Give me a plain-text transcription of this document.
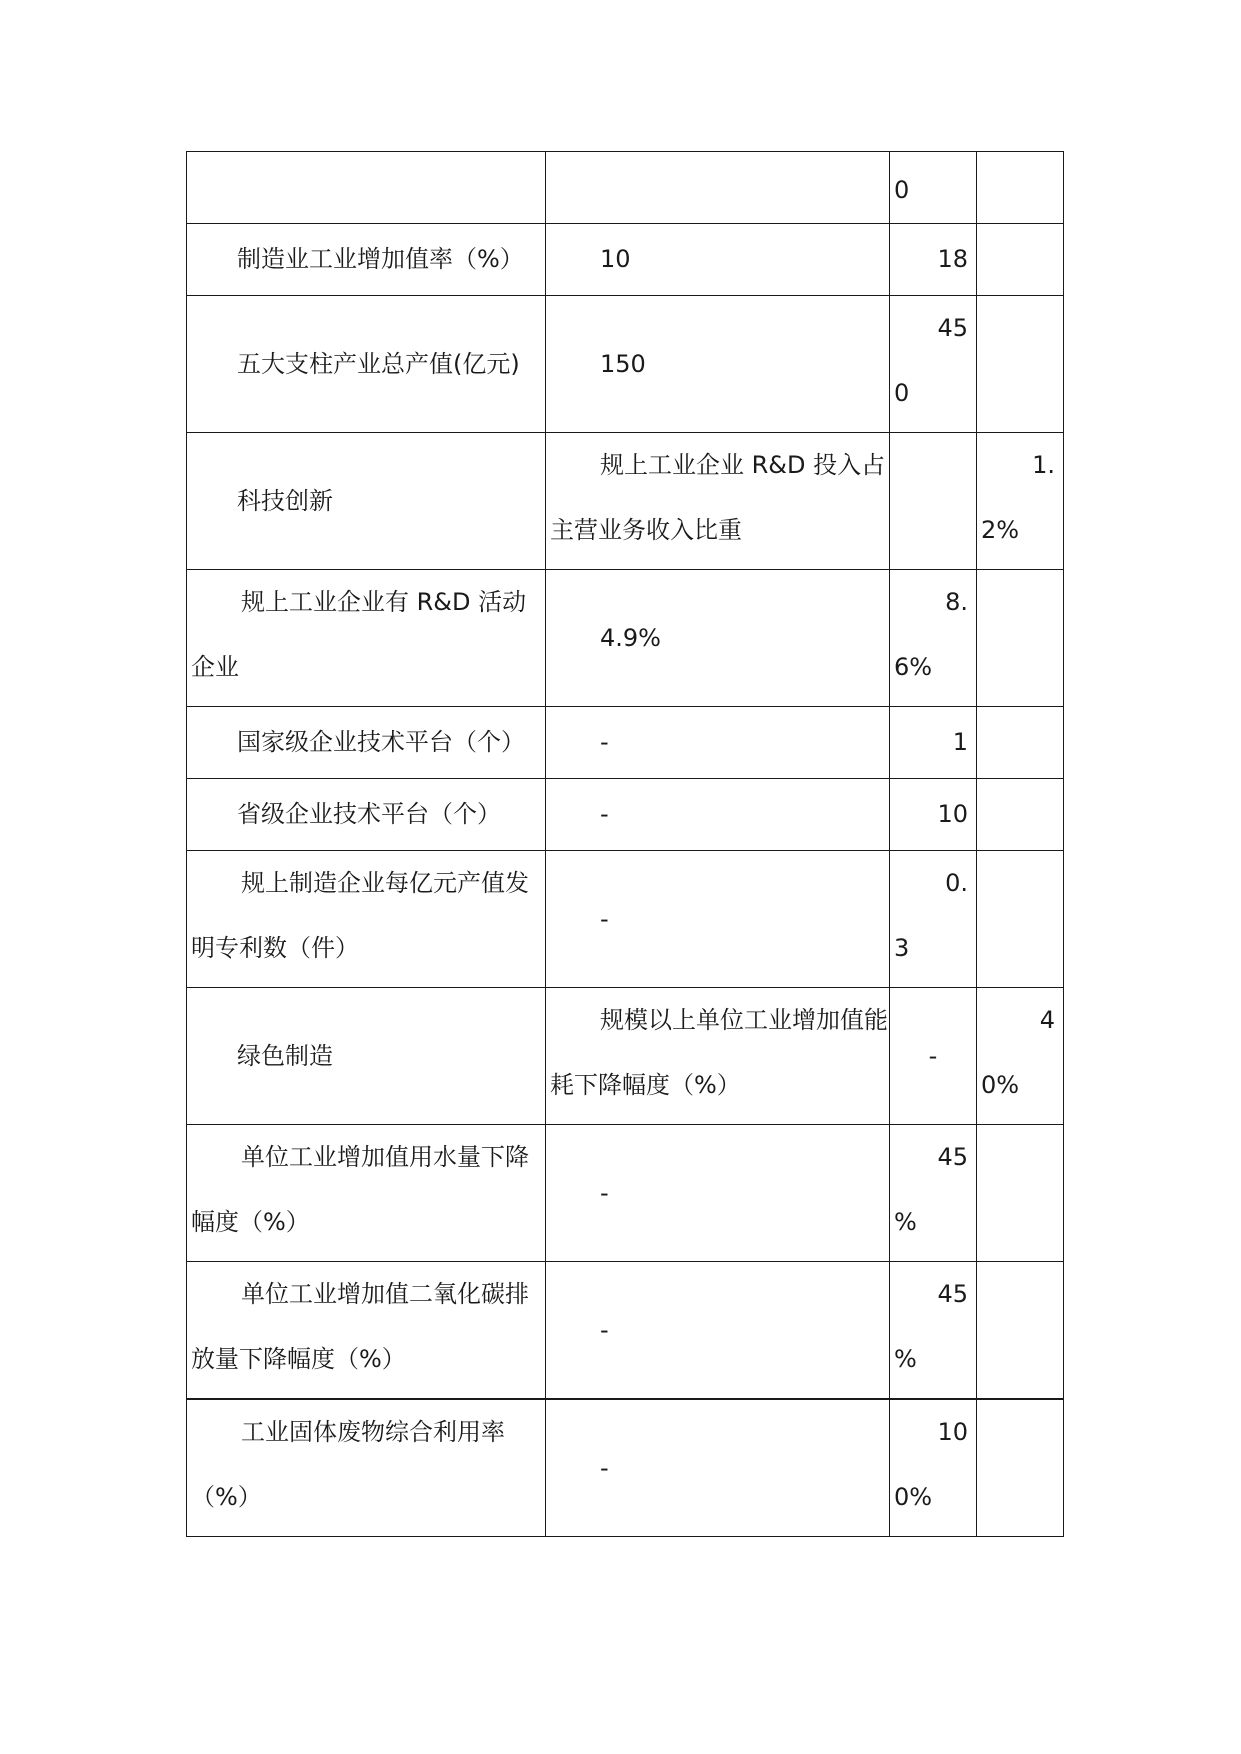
		0	

制造业工业增加值率（%）	10	18	

五大支柱产业总产值(亿元)	150	45
0	

科技创新	规上工业企业 R&D 投入占主营业务收入比重		1.
2%

规上工业企业有 R&D 活动企业	4.9%	8.
6%	

国家级企业技术平台（个）	-	1	

省级企业技术平台（个）	-	10	

规上制造企业每亿元产值发明专利数（件）	-	0.
3	

绿色制造	规模以上单位工业增加值能耗下降幅度（%）	-	4
0%

单位工业增加值用水量下降幅度（%）	-	45
%	

单位工业增加值二氧化碳排放量下降幅度（%）	-	45
%	

工业固体废物综合利用率（%）	-	10
0%	
